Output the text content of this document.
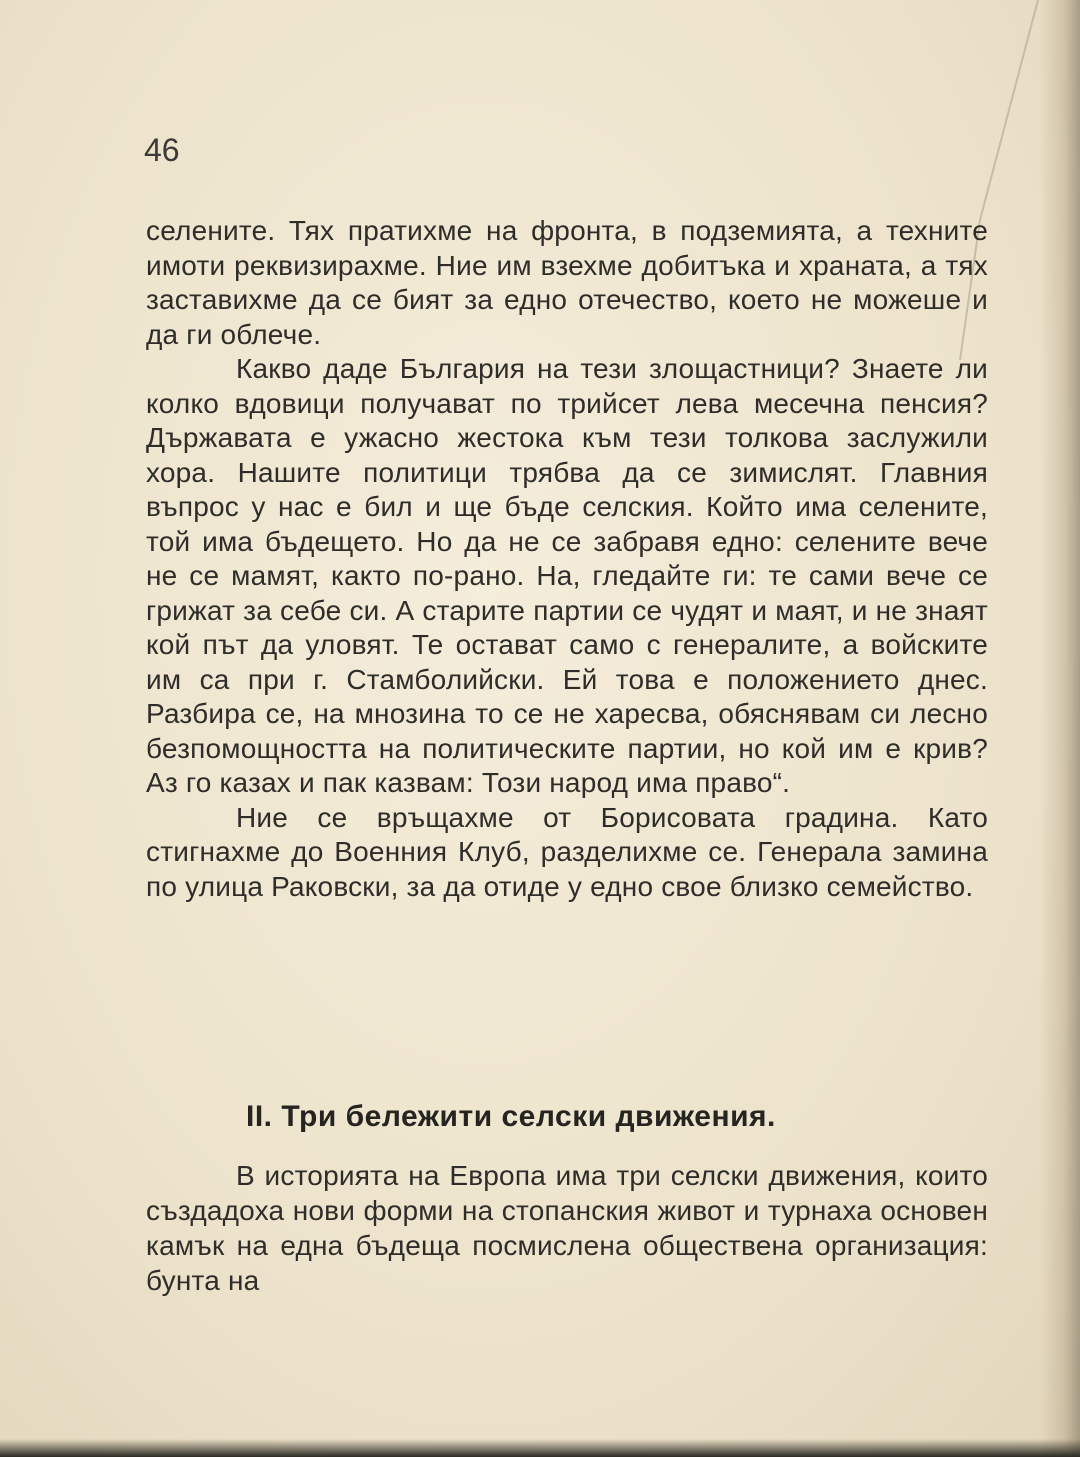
46

селените. Тях пратихме на фронта, в подземията, а техните имоти реквизирахме. Ние им взехме добитъка и храната, а тях заставихме да се бият за едно отечество, което не можеше и да ги облече.

Какво даде България на тези злощастници? Знаете ли колко вдовици получават по трийсет лева месечна пенсия? Държавата е ужасно жестока към тези толкова заслужили хора. Нашите политици трябва да се зимислят. Главния въпрос у нас е бил и ще бъде селския. Който има селените, той има бъдещето. Но да не се забравя едно: селените вече не се мамят, както по-рано. На, гледайте ги: те сами вече се грижат за себе си. А старите партии се чудят и маят, и не знаят кой път да уловят. Те остават само с генералите, а войските им са при г. Стамболийски. Ей това е положението днес. Разбира се, на мнозина то се не харесва, обяснявам си лесно безпомощността на политическите партии, но кой им е крив? Аз го казах и пак казвам: Този народ има право“.

Ние се връщахме от Борисовата градина. Като стигнахме до Военния Клуб, разделихме се. Генерала замина по улица Раковски, за да отиде у едно свое близко семейство.

II. Три бележити селски движения.

В историята на Европа има три селски движения, които създадоха нови форми на стопанския живот и турнаха основен камък на една бъдеща посмислена обществена организация: бунта на
